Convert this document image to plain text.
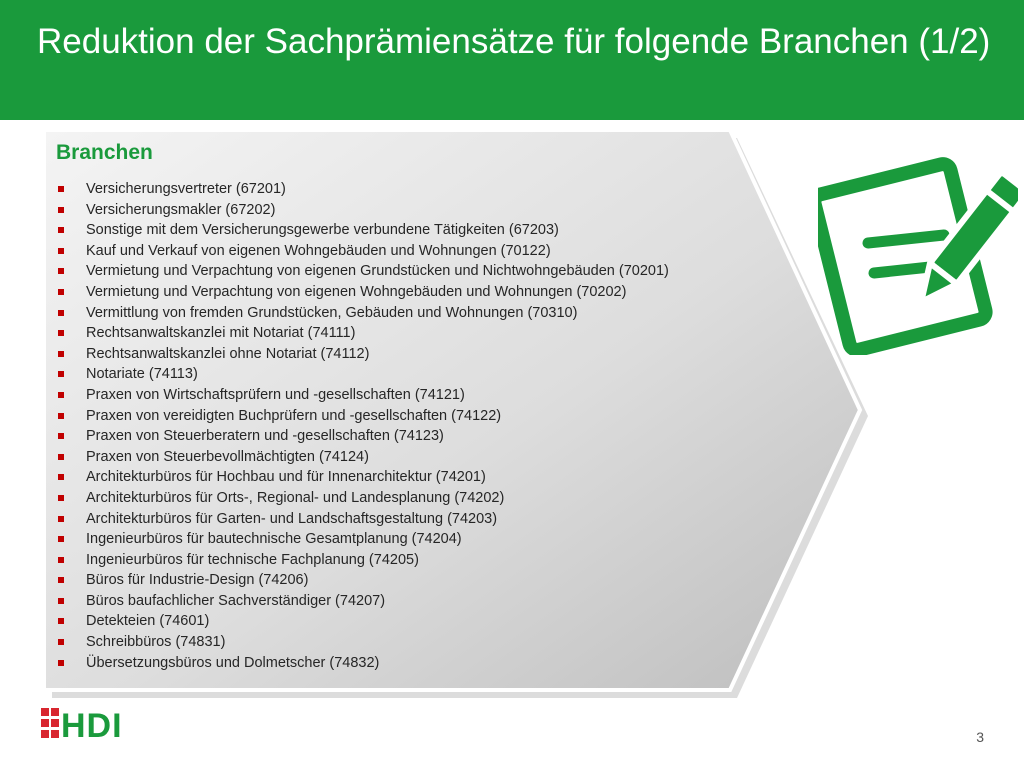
Reduktion der Sachprämiensätze für folgende Branchen (1/2)
Branchen
Versicherungsvertreter (67201)
Versicherungsmakler (67202)
Sonstige mit dem Versicherungsgewerbe verbundene Tätigkeiten (67203)
Kauf und Verkauf von eigenen Wohngebäuden und Wohnungen (70122)
Vermietung und Verpachtung von eigenen Grundstücken und Nichtwohngebäuden (70201)
Vermietung und Verpachtung von eigenen Wohngebäuden und Wohnungen (70202)
Vermittlung von fremden Grundstücken, Gebäuden und Wohnungen (70310)
Rechtsanwaltskanzlei mit Notariat (74111)
Rechtsanwaltskanzlei ohne Notariat (74112)
Notariate (74113)
Praxen von Wirtschaftsprüfern und -gesellschaften (74121)
Praxen von vereidigten Buchprüfern und -gesellschaften (74122)
Praxen von Steuerberatern und -gesellschaften (74123)
Praxen von Steuerbevollmächtigten (74124)
Architekturbüros für Hochbau und für Innenarchitektur (74201)
Architekturbüros für Orts-, Regional- und Landesplanung (74202)
Architekturbüros für Garten- und Landschaftsgestaltung (74203)
Ingenieurbüros für bautechnische Gesamtplanung (74204)
Ingenieurbüros für technische Fachplanung (74205)
Büros für Industrie-Design (74206)
Büros baufachlicher Sachverständiger (74207)
Detekteien (74601)
Schreibbüros (74831)
Übersetzungsbüros und Dolmetscher (74832)
HDI	3
